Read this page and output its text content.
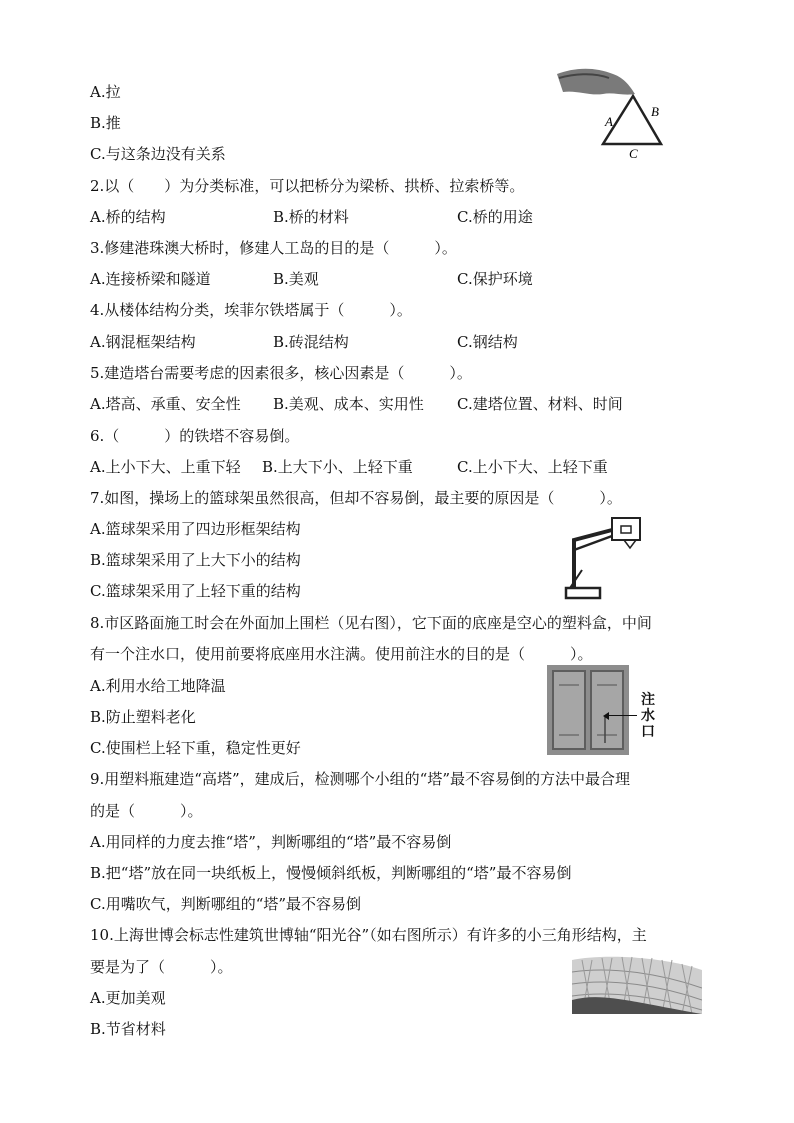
A.拉
B.推
C.与这条边没有关系
2.以（　　）为分类标准，可以把桥分为梁桥、拱桥、拉索桥等。
A.桥的结构	B.桥的材料	C.桥的用途
3.修建港珠澳大桥时，修建人工岛的目的是（　　　）。
A.连接桥梁和隧道	B.美观	C.保护环境
4.从楼体结构分类，埃菲尔铁塔属于（　　　）。
A.钢混框架结构	B.砖混结构	C.钢结构
5.建造塔台需要考虑的因素很多，核心因素是（　　　）。
A.塔高、承重、安全性 B.美观、成本、实用性 C.建塔位置、材料、时间
6.（　　　）的铁塔不容易倒。
A.上小下大、上重下轻 B.上大下小、上轻下重	C.上小下大、上轻下重
7.如图，操场上的篮球架虽然很高，但却不容易倒，最主要的原因是（　　　）。
A.篮球架采用了四边形框架结构
B.篮球架采用了上大下小的结构
C.篮球架采用了上轻下重的结构
8.市区路面施工时会在外面加上围栏（见右图），它下面的底座是空心的塑料盒，中间
有一个注水口，使用前要将底座用水注满。使用前注水的目的是（　　　）。
A.利用水给工地降温
B.防止塑料老化
C.使围栏上轻下重，稳定性更好
9.用塑料瓶建造“高塔”，建成后，检测哪个小组的“塔”最不容易倒的方法中最合理
的是（　　　）。
A.用同样的力度去推“塔”，判断哪组的“塔”最不容易倒
B.把“塔”放在同一块纸板上，慢慢倾斜纸板，判断哪组的“塔”最不容易倒
C.用嘴吹气，判断哪组的“塔”最不容易倒
10.上海世博会标志性建筑世博轴“阳光谷”（如右图所示）有许多的小三角形结构，主
要是为了（　　　）。
A.更加美观
B.节省材料
A
B
C
注
水
口
